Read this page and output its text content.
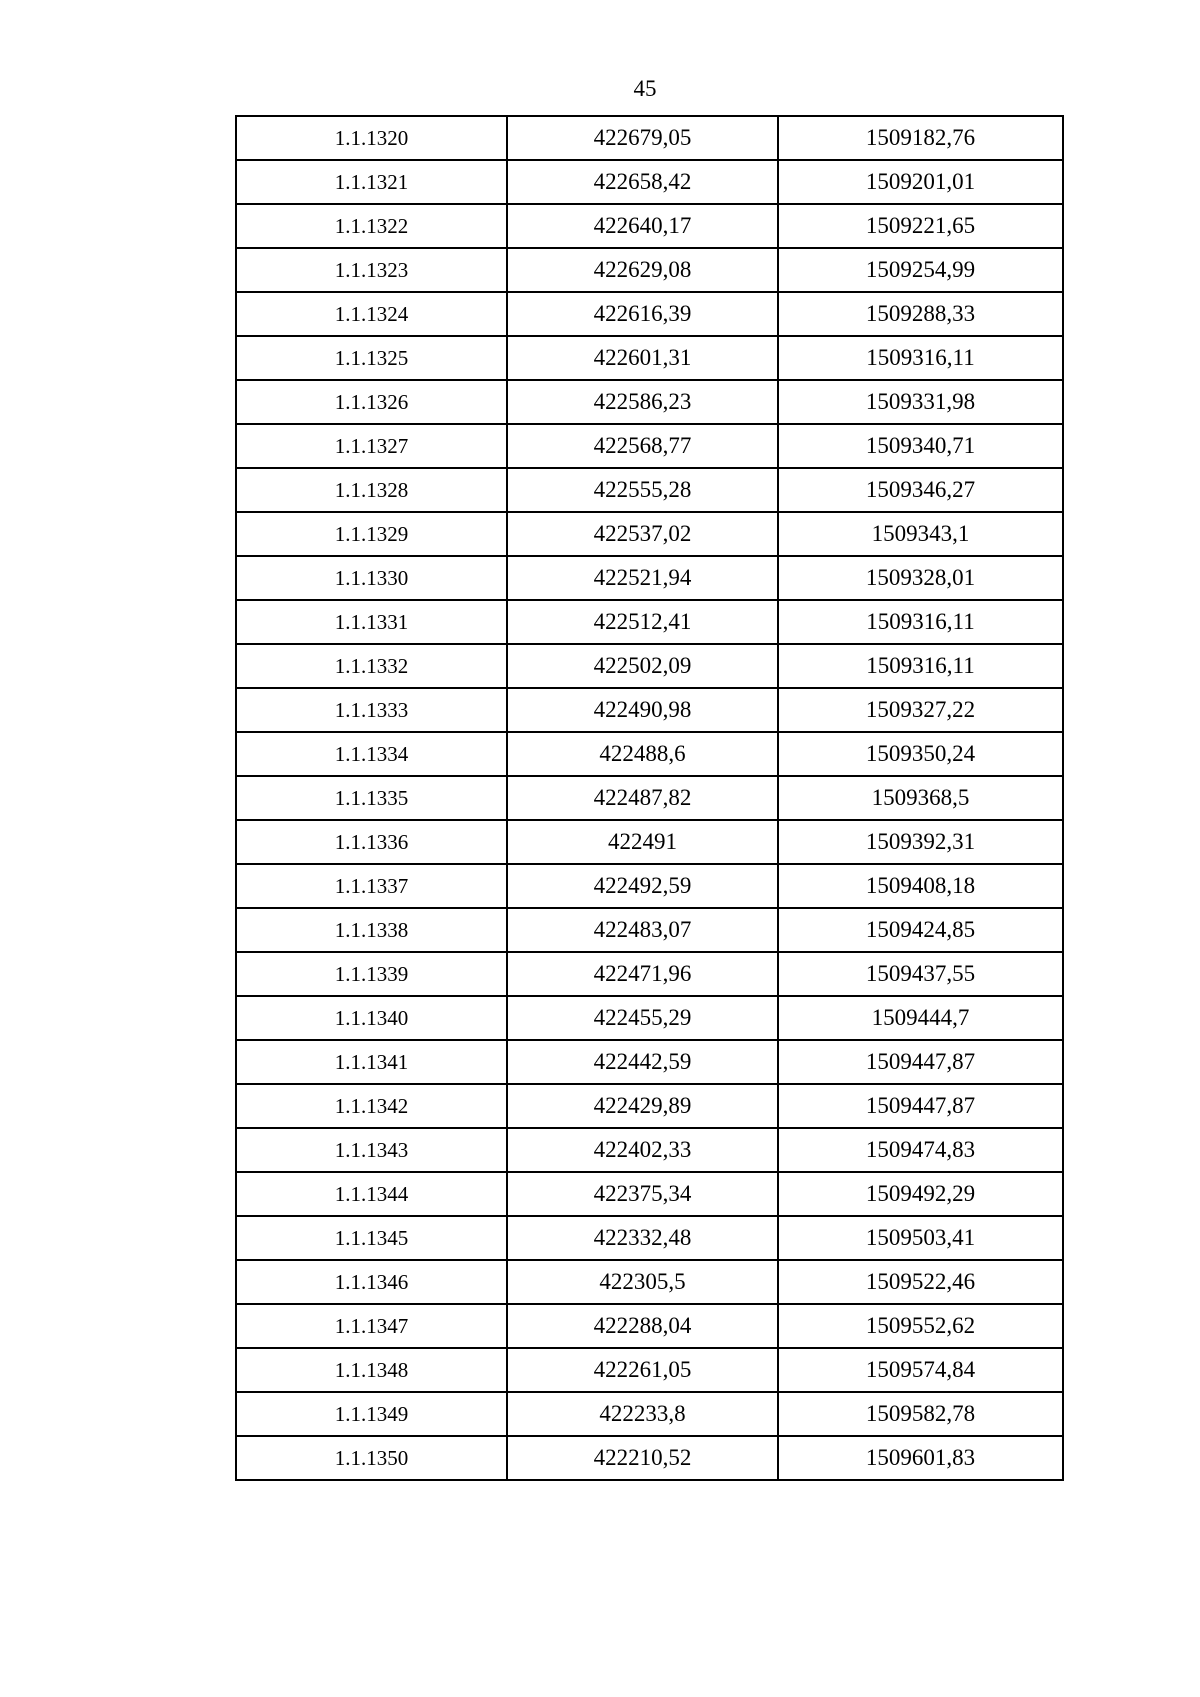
45
1.1.1320	422679,05	1509182,76
1.1.1321	422658,42	1509201,01
1.1.1322	422640,17	1509221,65
1.1.1323	422629,08	1509254,99
1.1.1324	422616,39	1509288,33
1.1.1325	422601,31	1509316,11
1.1.1326	422586,23	1509331,98
1.1.1327	422568,77	1509340,71
1.1.1328	422555,28	1509346,27
1.1.1329	422537,02	1509343,1
1.1.1330	422521,94	1509328,01
1.1.1331	422512,41	1509316,11
1.1.1332	422502,09	1509316,11
1.1.1333	422490,98	1509327,22
1.1.1334	422488,6	1509350,24
1.1.1335	422487,82	1509368,5
1.1.1336	422491	1509392,31
1.1.1337	422492,59	1509408,18
1.1.1338	422483,07	1509424,85
1.1.1339	422471,96	1509437,55
1.1.1340	422455,29	1509444,7
1.1.1341	422442,59	1509447,87
1.1.1342	422429,89	1509447,87
1.1.1343	422402,33	1509474,83
1.1.1344	422375,34	1509492,29
1.1.1345	422332,48	1509503,41
1.1.1346	422305,5	1509522,46
1.1.1347	422288,04	1509552,62
1.1.1348	422261,05	1509574,84
1.1.1349	422233,8	1509582,78
1.1.1350	422210,52	1509601,83
